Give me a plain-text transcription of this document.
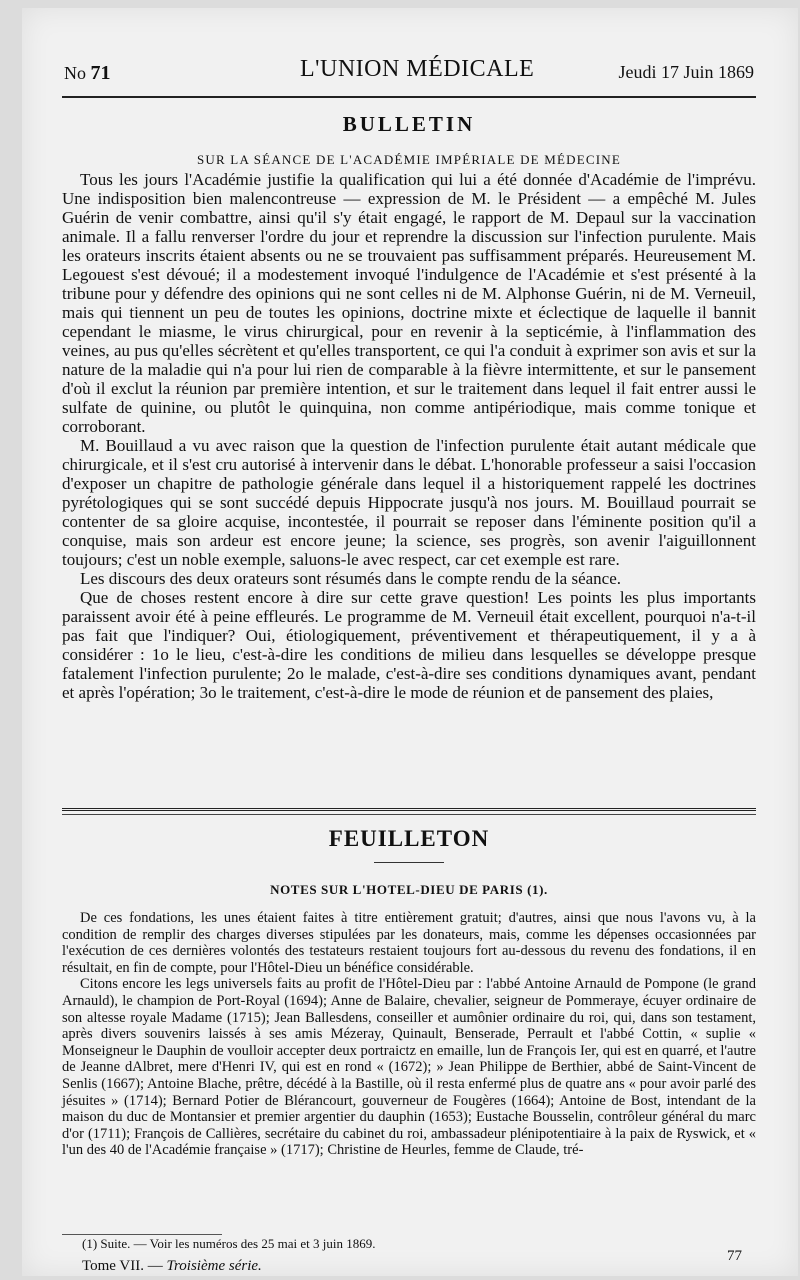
No 71	L'UNION MÉDICALE	Jeudi 17 Juin 1869
BULLETIN
SUR LA SÉANCE DE L'ACADÉMIE IMPÉRIALE DE MÉDECINE

Tous les jours l'Académie justifie la qualification qui lui a été donnée d'Académie de l'imprévu. Une indisposition bien malencontreuse — expression de M. le Président — a empêché M. Jules Guérin de venir combattre, ainsi qu'il s'y était engagé, le rapport de M. Depaul sur la vaccination animale. Il a fallu renverser l'ordre du jour et reprendre la discussion sur l'infection purulente. Mais les orateurs inscrits étaient absents ou ne se trouvaient pas suffisamment préparés. Heureusement M. Legouest s'est dévoué; il a modestement invoqué l'indulgence de l'Académie et s'est présenté à la tribune pour y défendre des opinions qui ne sont celles ni de M. Alphonse Guérin, ni de M. Verneuil, mais qui tiennent un peu de toutes les opinions, doctrine mixte et éclectique de laquelle il bannit cependant le miasme, le virus chirurgical, pour en revenir à la septicémie, à l'inflammation des veines, au pus qu'elles sécrètent et qu'elles transportent, ce qui l'a conduit à exprimer son avis et sur la nature de la maladie qui n'a pour lui rien de comparable à la fièvre intermittente, et sur le pansement d'où il exclut la réunion par première intention, et sur le traitement dans lequel il fait entrer aussi le sulfate de quinine, ou plutôt le quinquina, non comme antipériodique, mais comme tonique et corroborant.

M. Bouillaud a vu avec raison que la question de l'infection purulente était autant médicale que chirurgicale, et il s'est cru autorisé à intervenir dans le débat. L'honorable professeur a saisi l'occasion d'exposer un chapitre de pathologie générale dans lequel il a historiquement rappelé les doctrines pyrétologiques qui se sont succédé depuis Hippocrate jusqu'à nos jours. M. Bouillaud pourrait se contenter de sa gloire acquise, incontestée, il pourrait se reposer dans l'éminente position qu'il a conquise, mais son ardeur est encore jeune; la science, ses progrès, son avenir l'aiguillonnent toujours; c'est un noble exemple, saluons-le avec respect, car cet exemple est rare.

Les discours des deux orateurs sont résumés dans le compte rendu de la séance.

Que de choses restent encore à dire sur cette grave question! Les points les plus importants paraissent avoir été à peine effleurés. Le programme de M. Verneuil était excellent, pourquoi n'a-t-il pas fait que l'indiquer? Oui, étiologiquement, préventivement et thérapeutiquement, il y a à considérer : 1o le lieu, c'est-à-dire les conditions de milieu dans lesquelles se développe presque fatalement l'infection purulente; 2o le malade, c'est-à-dire ses conditions dynamiques avant, pendant et après l'opération; 3o le traitement, c'est-à-dire le mode de réunion et de pansement des plaies,

FEUILLETON
NOTES SUR L'HOTEL-DIEU DE PARIS (1).

De ces fondations, les unes étaient faites à titre entièrement gratuit; d'autres, ainsi que nous l'avons vu, à la condition de remplir des charges diverses stipulées par les donateurs, mais, comme les dépenses occasionnées par l'exécution de ces dernières volontés des testateurs restaient toujours fort au-dessous du revenu des fondations, il en résultait, en fin de compte, pour l'Hôtel-Dieu un bénéfice considérable.

Citons encore les legs universels faits au profit de l'Hôtel-Dieu par : l'abbé Antoine Arnauld de Pompone (le grand Arnauld), le champion de Port-Royal (1694); Anne de Balaire, chevalier, seigneur de Pommeraye, écuyer ordinaire de son altesse royale Madame (1715); Jean Ballesdens, conseiller et aumônier ordinaire du roi, qui, dans son testament, après divers souvenirs laissés à ses amis Mézeray, Quinault, Benserade, Perrault et l'abbé Cottin, « suplie « Monseigneur le Dauphin de voulloir accepter deux portraictz en emaille, lun de François Ier, qui est en quarré, et l'autre de Jeanne dAlbret, mere d'Henri IV, qui est en rond « (1672); » Jean Philippe de Berthier, abbé de Saint-Vincent de Senlis (1667); Antoine Blache, prêtre, décédé à la Bastille, où il resta enfermé plus de quatre ans « pour avoir parlé des jésuites » (1714); Bernard Potier de Blérancourt, gouverneur de Fougères (1664); Antoine de Bost, intendant de la maison du duc de Montansier et premier argentier du dauphin (1653); Eustache Bousselin, contrôleur général du marc d'or (1711); François de Callières, secrétaire du cabinet du roi, ambassadeur plénipotentiaire à la paix de Ryswick, et « l'un des 40 de l'Académie française » (1717); Christine de Heurles, femme de Claude, tré-

(1) Suite. — Voir les numéros des 25 mai et 3 juin 1869.
Tome VII. — Troisième série.
77
